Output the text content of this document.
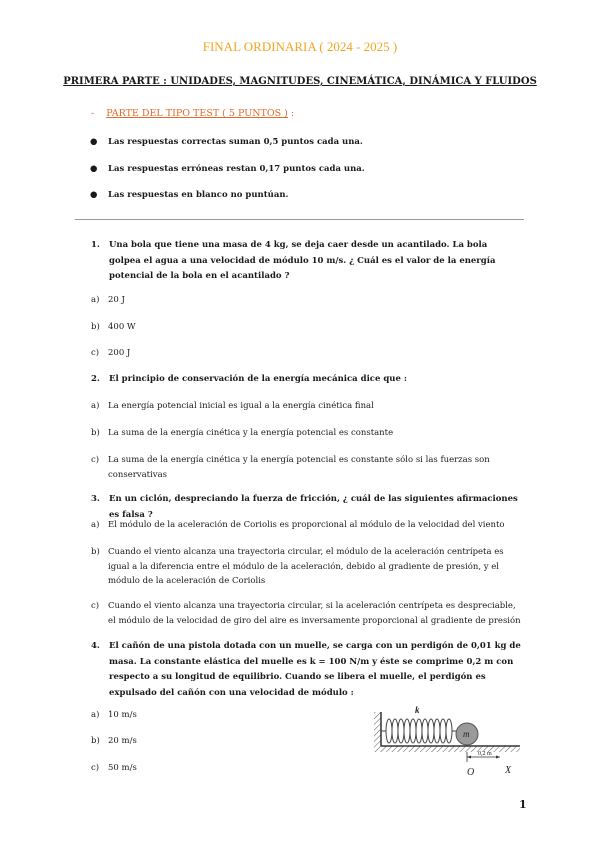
FINAL ORDINARIA ( 2024 - 2025 )
PRIMERA PARTE : UNIDADES, MAGNITUDES, CINEMÁTICA, DINÁMICA Y FLUIDOS
- PARTE DEL TIPO TEST ( 5 PUNTOS ) :
● Las respuestas correctas suman 0,5 puntos cada una.
● Las respuestas erróneas restan 0,17 puntos cada una.
● Las respuestas en blanco no puntúan.
1. Una bola que tiene una masa de 4 kg, se deja caer desde un acantilado. La bola golpea el agua a una velocidad de módulo 10 m/s. ¿ Cuál es el valor de la energía potencial de la bola en el acantilado ?
a) 20 J
b) 400 W
c) 200 J
2. El principio de conservación de la energía mecánica dice que :
a) La energía potencial inicial es igual a la energía cinética final
b) La suma de la energía cinética y la energía potencial es constante
c) La suma de la energía cinética y la energía potencial es constante sólo si las fuerzas son conservativas
3. En un ciclón, despreciando la fuerza de fricción, ¿ cuál de las siguientes afirmaciones es falsa ?
a) El módulo de la aceleración de Coriolis es proporcional al módulo de la velocidad del viento
b) Cuando el viento alcanza una trayectoria circular, el módulo de la aceleración centrípeta es igual a la diferencia entre el módulo de la aceleración, debido al gradiente de presión, y el módulo de la aceleración de Coriolis
c) Cuando el viento alcanza una trayectoria circular, si la aceleración centrípeta es despreciable, el módulo de la velocidad de giro del aire es inversamente proporcional al gradiente de presión
4. El cañón de una pistola dotada con un muelle, se carga con un perdigón de 0,01 kg de masa. La constante elástica del muelle es k = 100 N/m y éste se comprime 0,2 m con respecto a su longitud de equilibrio. Cuando se libera el muelle, el perdigón es expulsado del cañón con una velocidad de módulo :
a) 10 m/s
b) 20 m/s
c) 50 m/s
m
k
0,2 m
O	X
1
